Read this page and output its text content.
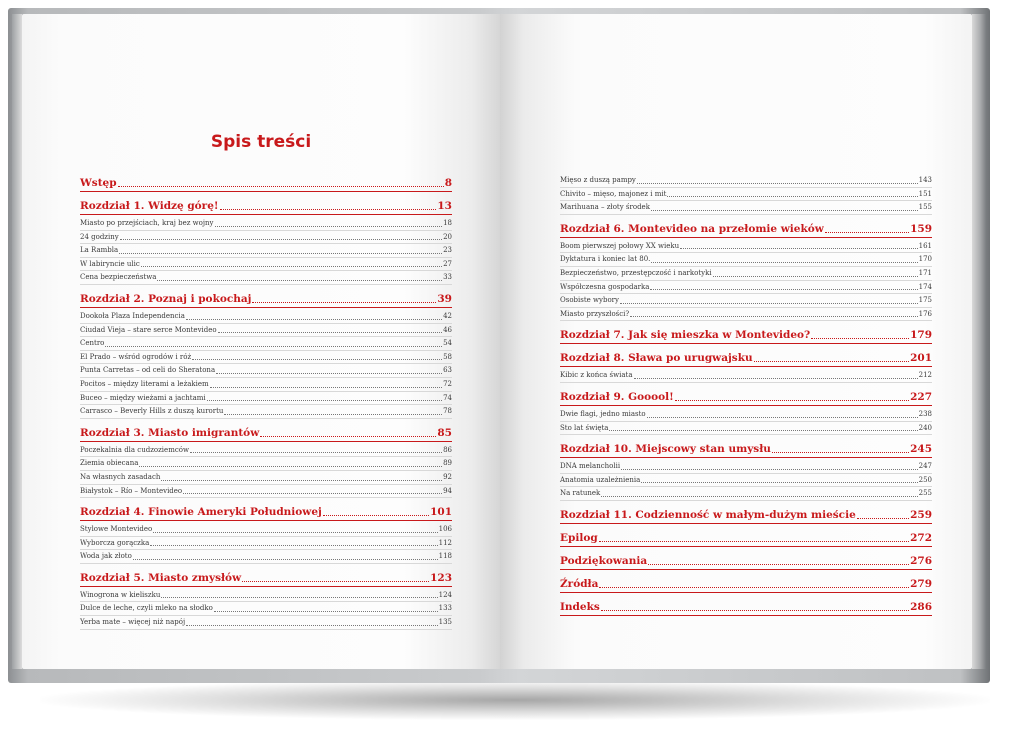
Spis treści
Wstęp	8
Rozdział 1. Widzę górę!	13
Miasto po przejściach, kraj bez wojny	18
24 godziny	20
La Rambla	23
W labiryncie ulic	27
Cena bezpieczeństwa	33
Rozdział 2. Poznaj i pokochaj	39
Dookoła Plaza Independencia	42
Ciudad Vieja – stare serce Montevideo	46
Centro	54
El Prado – wśród ogrodów i róż	58
Punta Carretas – od celi do Sheratona	63
Pocitos – między literami a leżakiem	72
Buceo – między wieżami a jachtami	74
Carrasco – Beverly Hills z duszą kurortu	78
Rozdział 3. Miasto imigrantów	85
Poczekalnia dla cudzoziemców	86
Ziemia obiecana	89
Na własnych zasadach	92
Białystok – Río – Montevideo	94
Rozdział 4. Finowie Ameryki Południowej	101
Stylowe Montevideo	106
Wyborcza gorączka	112
Woda jak złoto	118
Rozdział 5. Miasto zmysłów	123
Winogrona w kieliszku	124
Dulce de leche, czyli mleko na słodko	133
Yerba mate – więcej niż napój	135
Mięso z duszą pampy	143
Chivito – mięso, majonez i mit	151
Marihuana – złoty środek	155
Rozdział 6. Montevideo na przełomie wieków	159
Boom pierwszej połowy XX wieku	161
Dyktatura i koniec lat 80.	170
Bezpieczeństwo, przestępczość i narkotyki	171
Współczesna gospodarka	174
Osobiste wybory	175
Miasto przyszłości?	176
Rozdział 7. Jak się mieszka w Montevideo?	179
Rozdział 8. Sława po urugwajsku	201
Kibic z końca świata	212
Rozdział 9. Gooool!	227
Dwie flagi, jedno miasto	238
Sto lat święta	240
Rozdział 10. Miejscowy stan umysłu	245
DNA melancholii	247
Anatomia uzależnienia	250
Na ratunek	255
Rozdział 11. Codzienność w małym-dużym mieście	259
Epilog	272
Podziękowania	276
Źródła	279
Indeks	286
